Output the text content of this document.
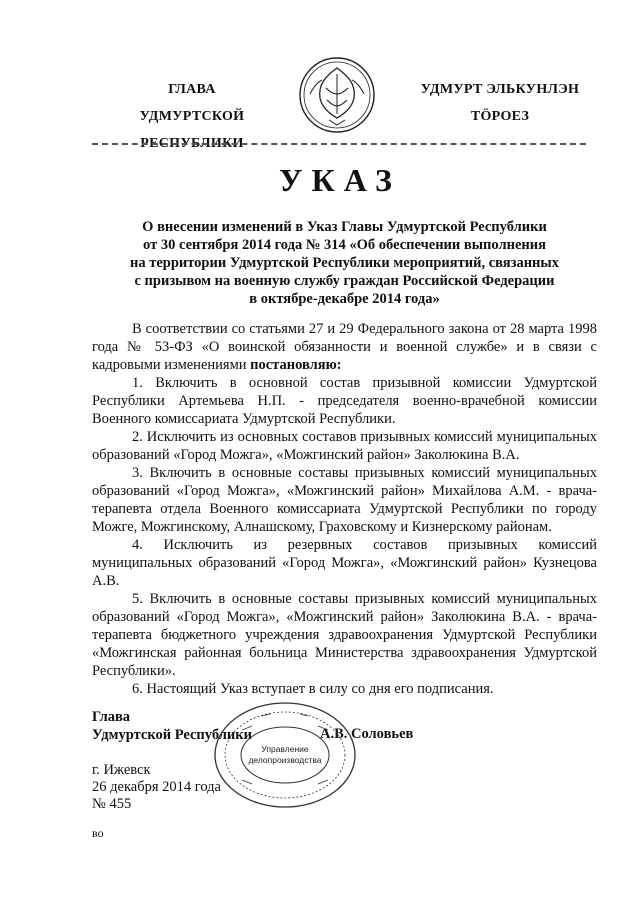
ГЛАВА
УДМУРТСКОЙ РЕСПУБЛИКИ
УДМУРТ ЭЛЬКУНЛЭН
ТӦРОЕЗ
УКАЗ
О внесении изменений в Указ Главы Удмуртской Республики
от 30 сентября 2014 года № 314 «Об обеспечении выполнения
на территории Удмуртской Республики мероприятий, связанных
с призывом на военную службу граждан Российской Федерации
в октябре-декабре 2014 года»

В соответствии со статьями 27 и 29 Федерального закона от 28 марта 1998 года № 53-ФЗ «О воинской обязанности и военной службе» и в связи с кадровыми изменениями постановляю:

1. Включить в основной состав призывной комиссии Удмуртской Республики Артемьева Н.П. - председателя военно-врачебной комиссии Военного комиссариата Удмуртской Республики.

2. Исключить из основных составов призывных комиссий муниципальных образований «Город Можга», «Можгинский район» Заколюкина В.А.

3. Включить в основные составы призывных комиссий муниципальных образований «Город Можга», «Можгинский район» Михайлова А.М. - врача-терапевта отдела Военного комиссариата Удмуртской Республики по городу Можге, Можгинскому, Алнашскому, Граховскому и Кизнерскому районам.

4. Исключить из резервных составов призывных комиссий муниципальных образований «Город Можга», «Можгинский район» Кузнецова А.В.

5. Включить в основные составы призывных комиссий муниципальных образований «Город Можга», «Можгинский район» Заколюкина В.А. - врача-терапевта бюджетного учреждения здравоохранения Удмуртской Республики «Можгинская районная больница Министерства здравоохранения Удмуртской Республики».

6. Настоящий Указ вступает в силу со дня его подписания.

Глава
Удмуртской Республики	А.В. Соловьев
Управление
делопроизводства
г. Ижевск
26 декабря 2014 года
№ 455
во
